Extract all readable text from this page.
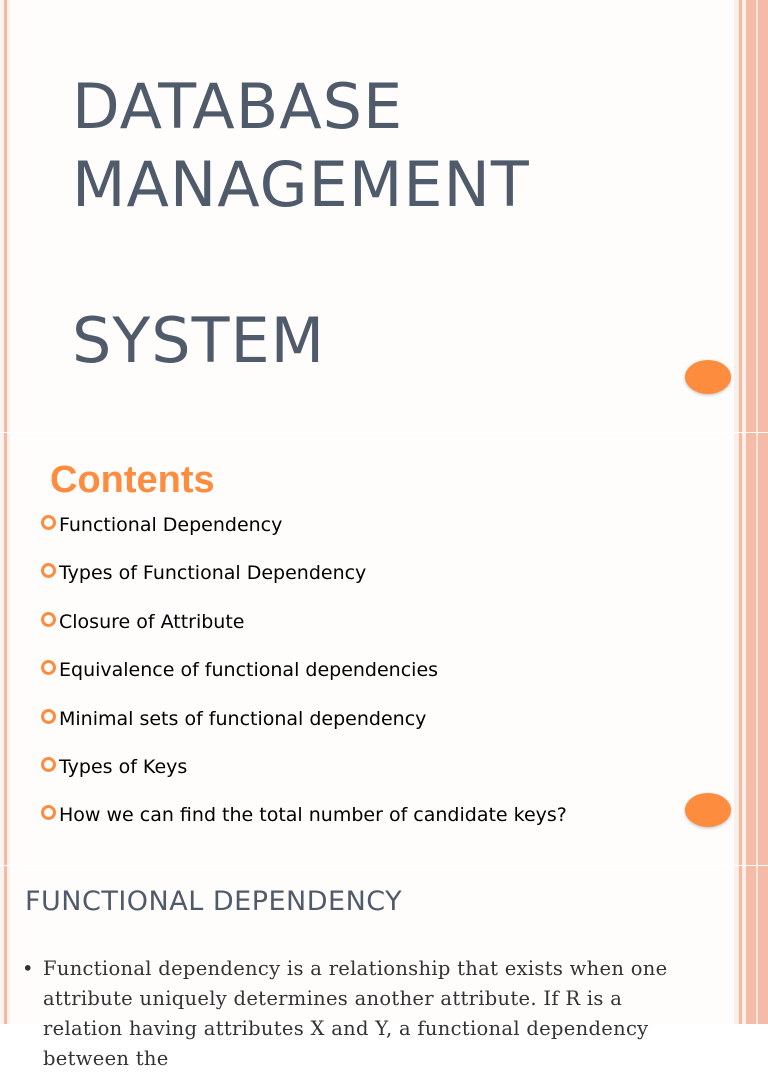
DATABASE
MANAGEMENT
SYSTEM
Contents
Functional Dependency
Types of Functional Dependency
Closure of Attribute
Equivalence of functional dependencies
Minimal sets of functional dependency
Types of Keys
How we can find the total number of candidate keys?
FUNCTIONAL DEPENDENCY
• Functional dependency is a relationship that exists when one attribute uniquely determines another attribute. If R is a relation having attributes X and Y, a functional dependency between the
